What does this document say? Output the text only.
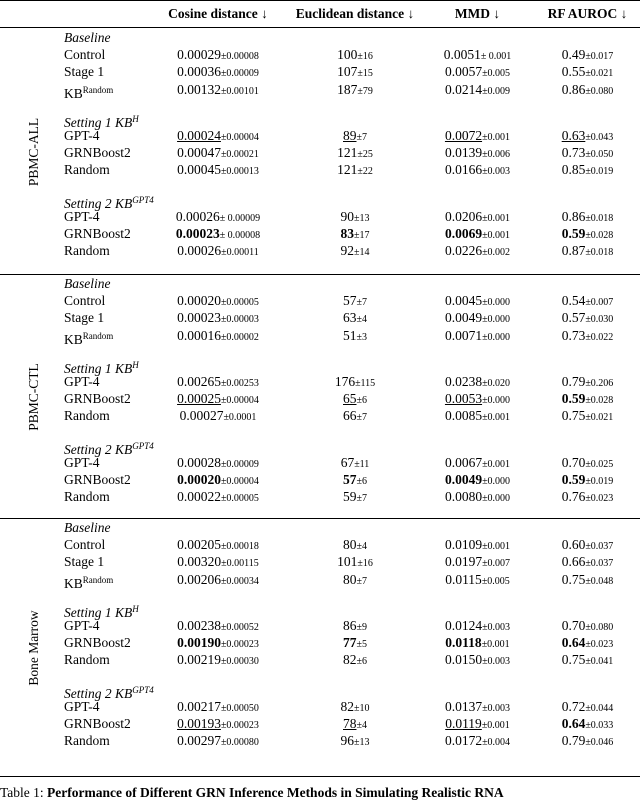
Cosine distance ↓	Euclidean distance ↓	MMD ↓	RF AUROC ↓
PBMC-ALL
Baseline
Control	0.00029±0.00008	100±16	0.0051± 0.001	0.49±0.017
Stage 1	0.00036±0.00009	107±15	0.0057±0.005	0.55±0.021
$KB^{Random}$	0.00132±0.00101	187±79	0.0214±0.009	0.86±0.080
Setting 1 $KB^H$
GPT-4	0.00024±0.00004	89±7	0.0072±0.001	0.63±0.043
GRNBoost2	0.00047±0.00021	121±25	0.0139±0.006	0.73±0.050
Random	0.00045±0.00013	121±22	0.0166±0.003	0.85±0.019
Setting 2 $KB^{GPT4}$
GPT-4	0.00026± 0.00009	90±13	0.0206±0.001	0.86±0.018
GRNBoost2	0.00023± 0.00008	83±17	0.0069±0.001	0.59±0.028
Random	0.00026±0.00011	92±14	0.0226±0.002	0.87±0.018
PBMC-CTL
Baseline
Control	0.00020±0.00005	57±7	0.0045±0.000	0.54±0.007
Stage 1	0.00023±0.00003	63±4	0.0049±0.000	0.57±0.030
$KB^{Random}$	0.00016±0.00002	51±3	0.0071±0.000	0.73±0.022
Setting 1 $KB^H$
GPT-4	0.00265±0.00253	176±115	0.0238±0.020	0.79±0.206
GRNBoost2	0.00025±0.00004	65±6	0.0053±0.000	0.59±0.028
Random	0.00027±0.0001	66±7	0.0085±0.001	0.75±0.021
Setting 2 $KB^{GPT4}$
GPT-4	0.00028±0.00009	67±11	0.0067±0.001	0.70±0.025
GRNBoost2	0.00020±0.00004	57±6	0.0049±0.000	0.59±0.019
Random	0.00022±0.00005	59±7	0.0080±0.000	0.76±0.023
Bone Marrow
Baseline
Control	0.00205±0.00018	80±4	0.0109±0.001	0.60±0.037
Stage 1	0.00320±0.00115	101±16	0.0197±0.007	0.66±0.037
$KB^{Random}$	0.00206±0.00034	80±7	0.0115±0.005	0.75±0.048
Setting 1 $KB^H$
GPT-4	0.00238±0.00052	86±9	0.0124±0.003	0.70±0.080
GRNBoost2	0.00190±0.00023	77±5	0.0118±0.001	0.64±0.023
Random	0.00219±0.00030	82±6	0.0150±0.003	0.75±0.041
Setting 2 $KB^{GPT4}$
GPT-4	0.00217±0.00050	82±10	0.0137±0.003	0.72±0.044
GRNBoost2	0.00193±0.00023	78±4	0.0119±0.001	0.64±0.033
Random	0.00297±0.00080	96±13	0.0172±0.004	0.79±0.046
Table 1: Performance of Different GRN Inference Methods in Simulating Realistic RNA
